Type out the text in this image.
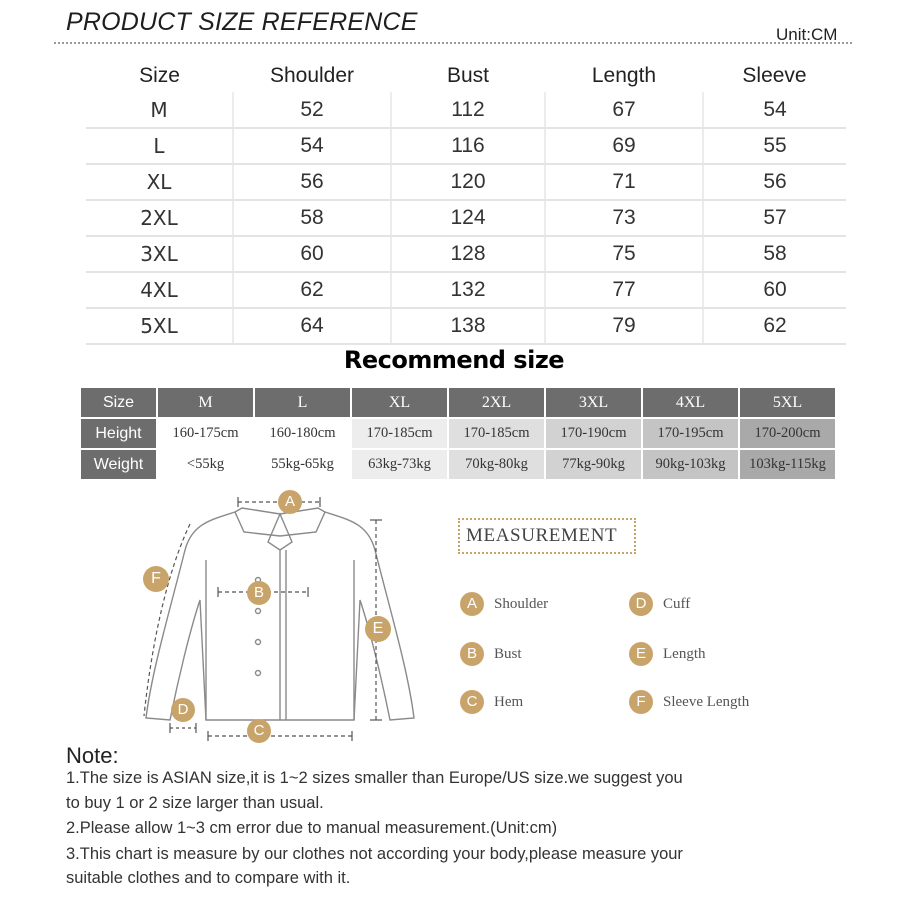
PRODUCT SIZE REFERENCE	Unit:CM
Size	Shoulder	Bust	Length	Sleeve
M	52	112	67	54
L	54	116	69	55
XL	56	120	71	56
2XL	58	124	73	57
3XL	60	128	75	58
4XL	62	132	77	60
5XL	64	138	79	62
Recommend size
Size	M	L	XL	2XL	3XL	4XL	5XL
Height	160-175cm	160-180cm	170-185cm	170-185cm	170-190cm	170-195cm	170-200cm
Weight	<55kg	55kg-65kg	63kg-73kg	70kg-80kg	77kg-90kg	90kg-103kg	103kg-115kg
A
B
C
D
E
F
MEASUREMENT
A	Shoulder
B	Bust
C	Hem
D	Cuff
E	Length
F	Sleeve Length
Note:
1.The size is ASIAN size,it is 1~2 sizes smaller than Europe/US size.we suggest you
to buy 1 or 2 size larger than usual.
2.Please allow 1~3 cm error due to manual measurement.(Unit:cm)
3.This chart is measure by our clothes not according your body,please measure your
suitable clothes and to compare with it.
